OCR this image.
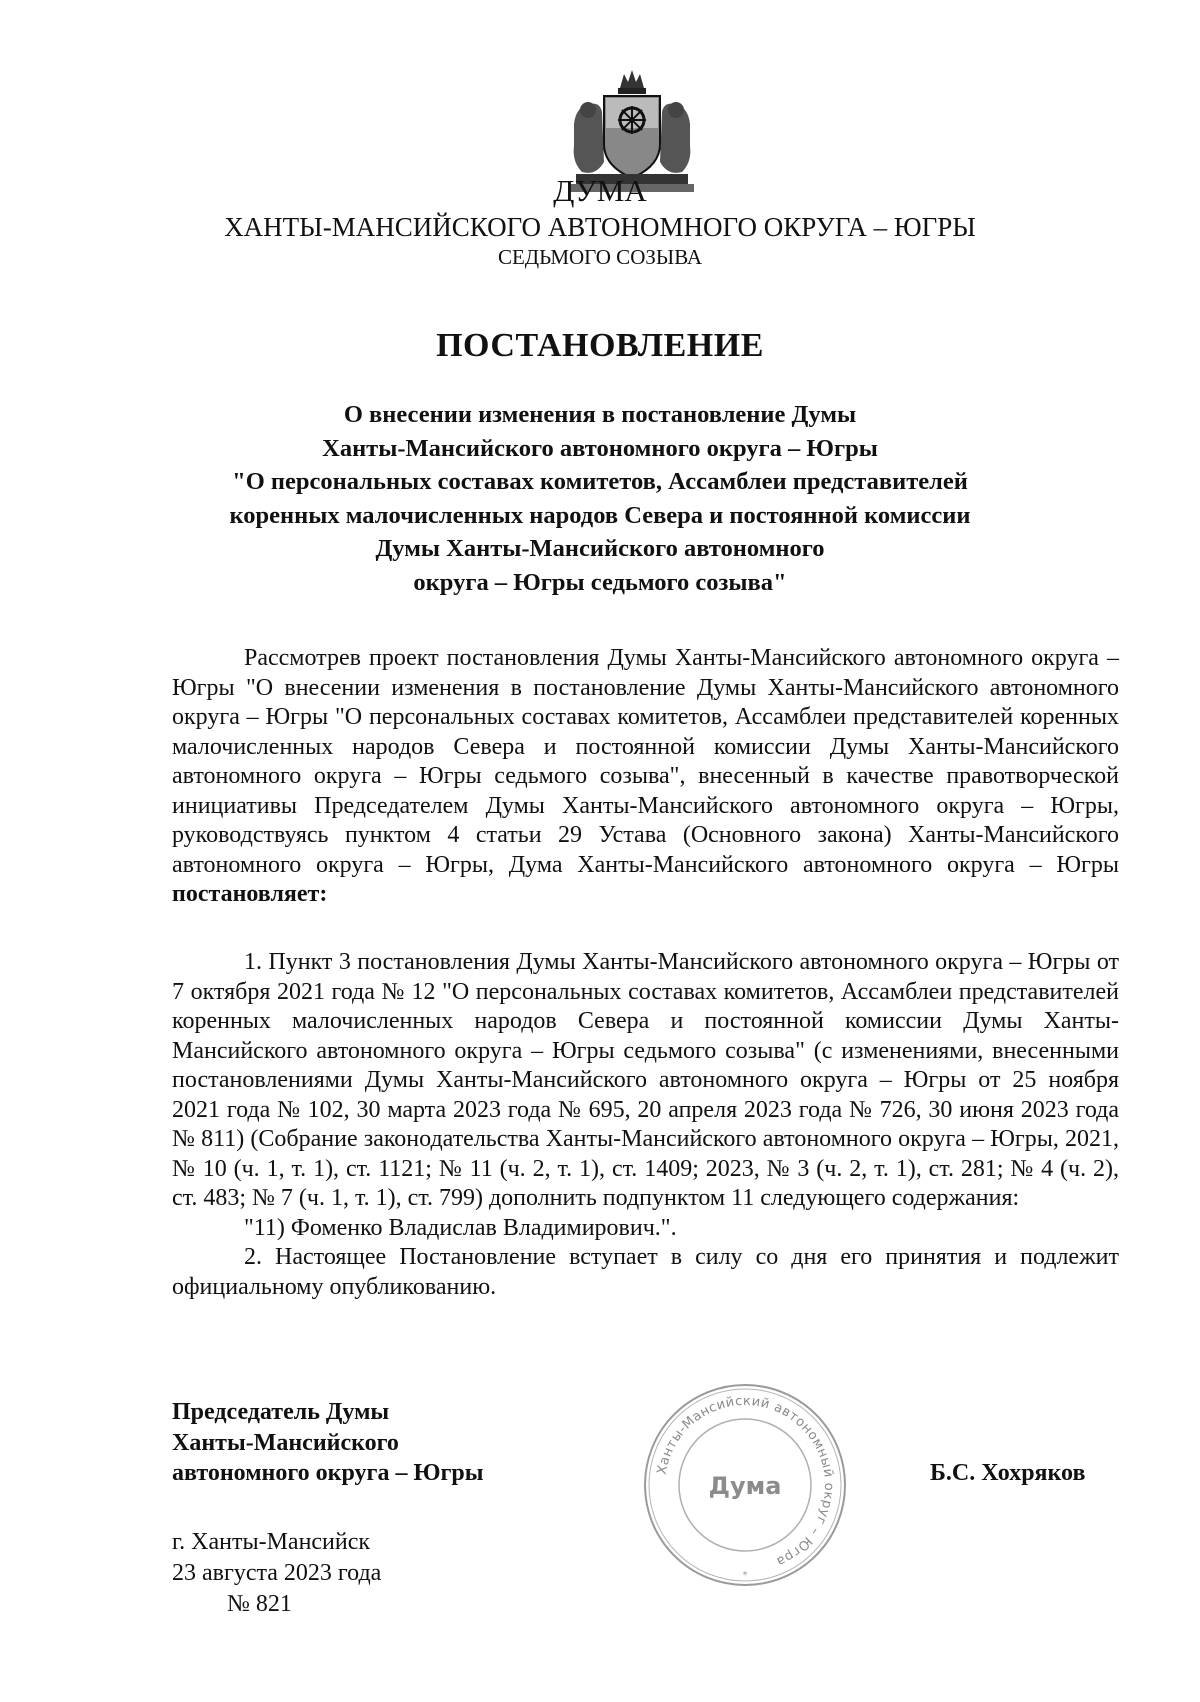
ДУМА
ХАНТЫ-МАНСИЙСКОГО АВТОНОМНОГО ОКРУГА – ЮГРЫ
СЕДЬМОГО СОЗЫВА
ПОСТАНОВЛЕНИЕ
О внесении изменения в постановление Думы
Ханты-Мансийского автономного округа – Югры
"О персональных составах комитетов, Ассамблеи представителей
коренных малочисленных народов Севера и постоянной комиссии
Думы Ханты-Мансийского автономного
округа – Югры седьмого созыва"

Рассмотрев проект постановления Думы Ханты-Мансийского автономного округа – Югры "О внесении изменения в постановление Думы Ханты-Мансийского автономного округа – Югры "О персональных составах комитетов, Ассамблеи представителей коренных малочисленных народов Севера и постоянной комиссии Думы Ханты-Мансийского автономного округа – Югры седьмого созыва", внесенный в качестве правотворческой инициативы Председателем Думы Ханты-Мансийского автономного округа – Югры, руководствуясь пунктом 4 статьи 29 Устава (Основного закона) Ханты-Мансийского автономного округа – Югры, Дума Ханты-Мансийского автономного округа – Югры постановляет:

1. Пункт 3 постановления Думы Ханты-Мансийского автономного округа – Югры от 7 октября 2021 года № 12 "О персональных составах комитетов, Ассамблеи представителей коренных малочисленных народов Севера и постоянной комиссии Думы Ханты-Мансийского автономного округа – Югры седьмого созыва" (с изменениями, внесенными постановлениями Думы Ханты-Мансийского автономного округа – Югры от 25 ноября 2021 года № 102, 30 марта 2023 года № 695, 20 апреля 2023 года № 726, 30 июня 2023 года № 811) (Собрание законодательства Ханты-Мансийского автономного округа – Югры, 2021, № 10 (ч. 1, т. 1), ст. 1121; № 11 (ч. 2, т. 1), ст. 1409; 2023, № 3 (ч. 2, т. 1), ст. 281; № 4 (ч. 2), ст. 483; № 7 (ч. 1, т. 1), ст. 799) дополнить подпунктом 11 следующего содержания:

"11) Фоменко Владислав Владимирович.".

2. Настоящее Постановление вступает в силу со дня его принятия и подлежит официальному опубликованию.

Председатель Думы
Ханты-Мансийского
автономного округа – Югры	Б.С. Хохряков
Ханты-Мансийский автономный округ – Югра
Дума
*
г. Ханты-Мансийск
23 августа 2023 года
№ 821
